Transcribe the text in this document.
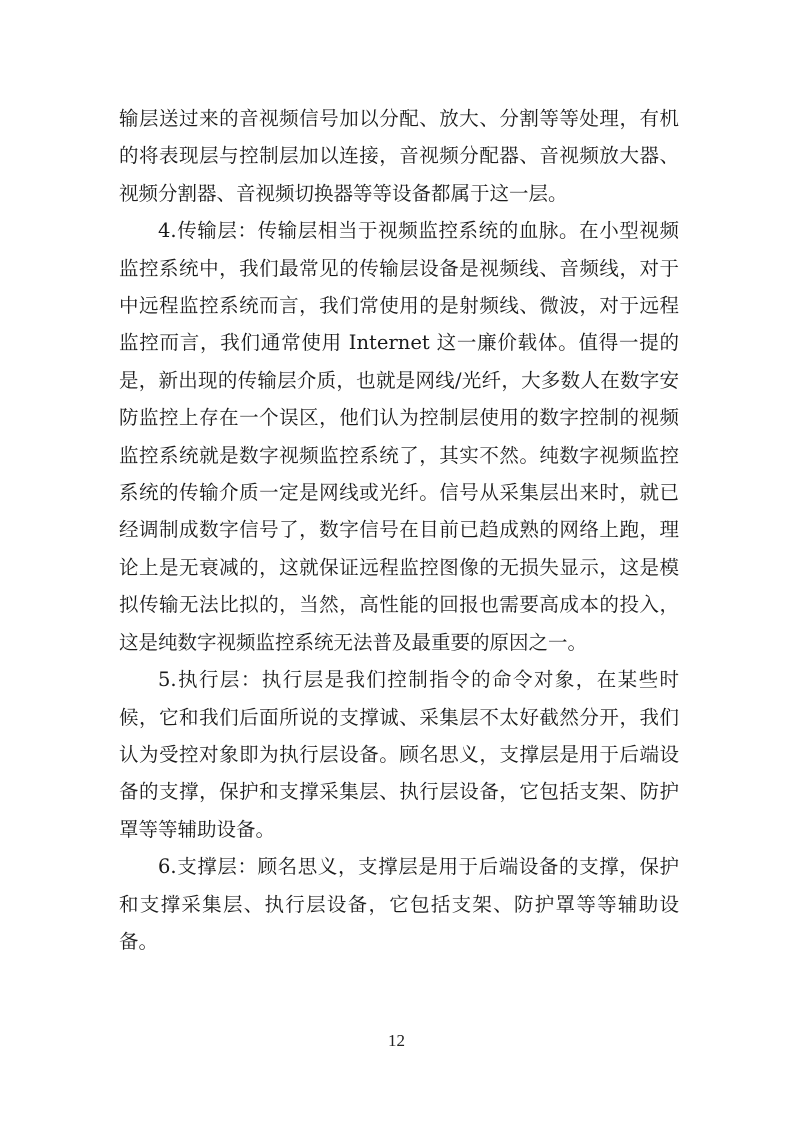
输层送过来的音视频信号加以分配、放大、分割等等处理，有机的将表现层与控制层加以连接，音视频分配器、音视频放大器、视频分割器、音视频切换器等等设备都属于这一层。

4.传输层：传输层相当于视频监控系统的血脉。在小型视频监控系统中，我们最常见的传输层设备是视频线、音频线，对于中远程监控系统而言，我们常使用的是射频线、微波，对于远程监控而言，我们通常使用 Internet 这一廉价载体。值得一提的是，新出现的传输层介质，也就是网线/光纤，大多数人在数字安防监控上存在一个误区，他们认为控制层使用的数字控制的视频监控系统就是数字视频监控系统了，其实不然。纯数字视频监控系统的传输介质一定是网线或光纤。信号从采集层出来时，就已经调制成数字信号了，数字信号在目前已趋成熟的网络上跑，理论上是无衰减的，这就保证远程监控图像的无损失显示，这是模拟传输无法比拟的，当然，高性能的回报也需要高成本的投入，这是纯数字视频监控系统无法普及最重要的原因之一。

5.执行层：执行层是我们控制指令的命令对象，在某些时候，它和我们后面所说的支撑诚、采集层不太好截然分开，我们认为受控对象即为执行层设备。顾名思义，支撑层是用于后端设备的支撑，保护和支撑采集层、执行层设备，它包括支架、防护罩等等辅助设备。

6.支撑层：顾名思义，支撑层是用于后端设备的支撑，保护和支撑采集层、执行层设备，它包括支架、防护罩等等辅助设备。

12
